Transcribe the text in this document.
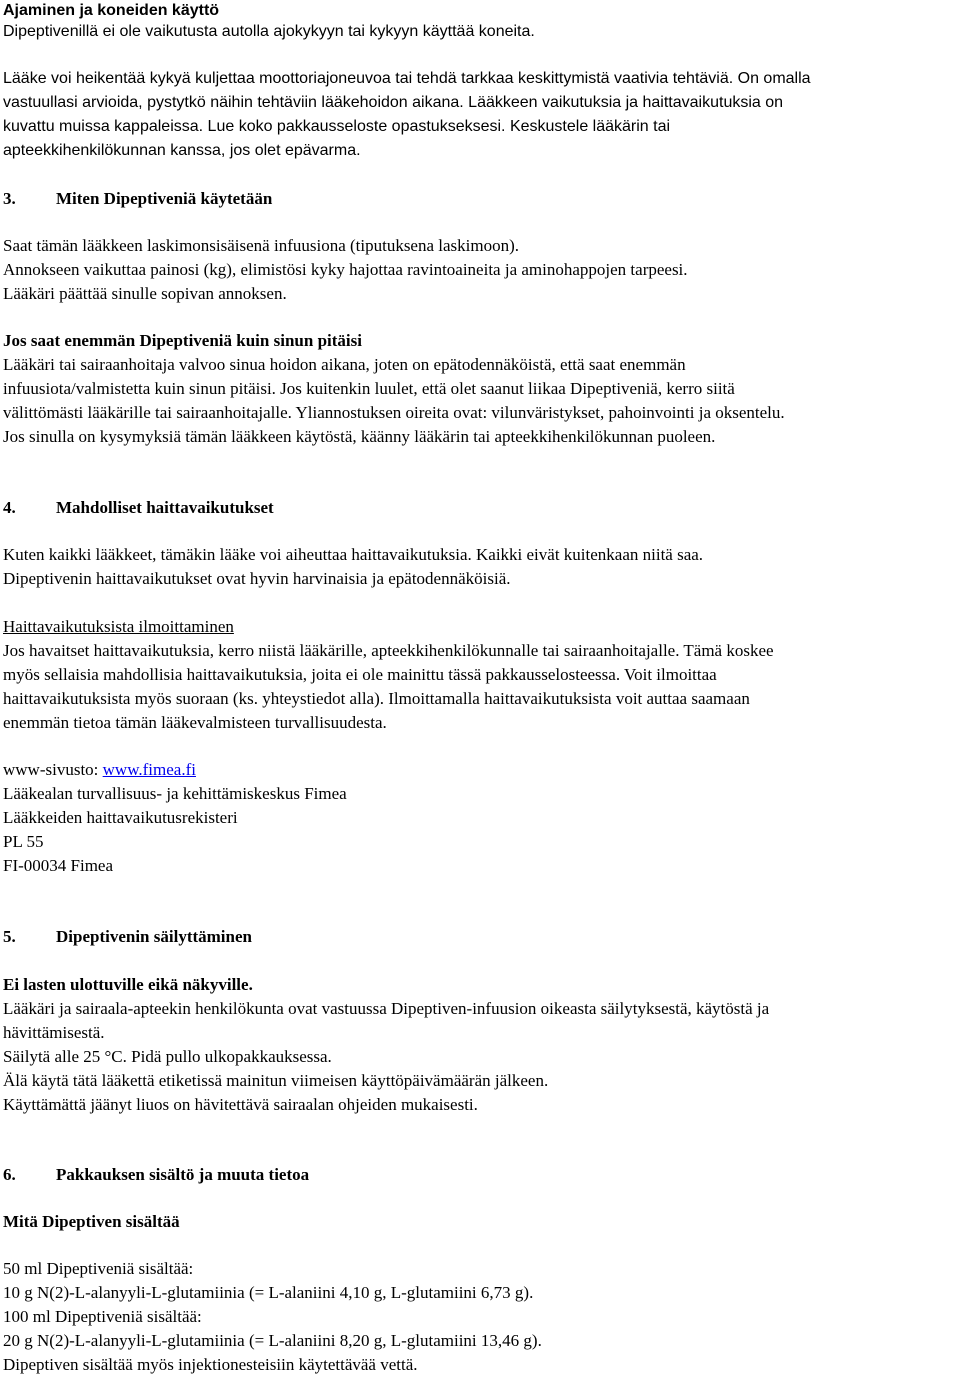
Ajaminen ja koneiden käyttö
Dipeptivenillä ei ole vaikutusta autolla ajokykyyn tai kykyyn käyttää koneita.
Lääke voi heikentää kykyä kuljettaa moottoriajoneuvoa tai tehdä tarkkaa keskittymistä vaativia tehtäviä. On omalla
vastuullasi arvioida, pystytkö näihin tehtäviin lääkehoidon aikana. Lääkkeen vaikutuksia ja haittavaikutuksia on
kuvattu muissa kappaleissa. Lue koko pakkausseloste opastukseksesi. Keskustele lääkärin tai
apteekkihenkilökunnan kanssa, jos olet epävarma.
3. Miten Dipeptiveniä käytetään
Saat tämän lääkkeen laskimonsisäisenä infuusiona (tiputuksena laskimoon).
Annokseen vaikuttaa painosi (kg), elimistösi kyky hajottaa ravintoaineita ja aminohappojen tarpeesi.
Lääkäri päättää sinulle sopivan annoksen.
Jos saat enemmän Dipeptiveniä kuin sinun pitäisi
Lääkäri tai sairaanhoitaja valvoo sinua hoidon aikana, joten on epätodennäköistä, että saat enemmän
infuusiota/valmistetta kuin sinun pitäisi. Jos kuitenkin luulet, että olet saanut liikaa Dipeptiveniä, kerro siitä
välittömästi lääkärille tai sairaanhoitajalle. Yliannostuksen oireita ovat: vilunväristykset, pahoinvointi ja oksentelu.
Jos sinulla on kysymyksiä tämän lääkkeen käytöstä, käänny lääkärin tai apteekkihenkilökunnan puoleen.
4. Mahdolliset haittavaikutukset
Kuten kaikki lääkkeet, tämäkin lääke voi aiheuttaa haittavaikutuksia. Kaikki eivät kuitenkaan niitä saa.
Dipeptivenin haittavaikutukset ovat hyvin harvinaisia ja epätodennäköisiä.
Haittavaikutuksista ilmoittaminen
Jos havaitset haittavaikutuksia, kerro niistä lääkärille, apteekkihenkilökunnalle tai sairaanhoitajalle. Tämä koskee
myös sellaisia mahdollisia haittavaikutuksia, joita ei ole mainittu tässä pakkausselosteessa. Voit ilmoittaa
haittavaikutuksista myös suoraan (ks. yhteystiedot alla). Ilmoittamalla haittavaikutuksista voit auttaa saamaan
enemmän tietoa tämän lääkevalmisteen turvallisuudesta.
www-sivusto: www.fimea.fi
Lääkealan turvallisuus- ja kehittämiskeskus Fimea
Lääkkeiden haittavaikutusrekisteri
PL 55
FI-00034 Fimea
5. Dipeptivenin säilyttäminen
Ei lasten ulottuville eikä näkyville.
Lääkäri ja sairaala-apteekin henkilökunta ovat vastuussa Dipeptiven-infuusion oikeasta säilytyksestä, käytöstä ja
hävittämisestä.
Säilytä alle 25 °C. Pidä pullo ulkopakkauksessa.
Älä käytä tätä lääkettä etiketissä mainitun viimeisen käyttöpäivämäärän jälkeen.
Käyttämättä jäänyt liuos on hävitettävä sairaalan ohjeiden mukaisesti.
6. Pakkauksen sisältö ja muuta tietoa
Mitä Dipeptiven sisältää
50 ml Dipeptiveniä sisältää:
10 g N(2)-L-alanyyli-L-glutamiinia (= L-alaniini 4,10 g, L-glutamiini 6,73 g).
100 ml Dipeptiveniä sisältää:
20 g N(2)-L-alanyyli-L-glutamiinia (= L-alaniini 8,20 g, L-glutamiini 13,46 g).
Dipeptiven sisältää myös injektionesteisiin käytettävää vettä.
